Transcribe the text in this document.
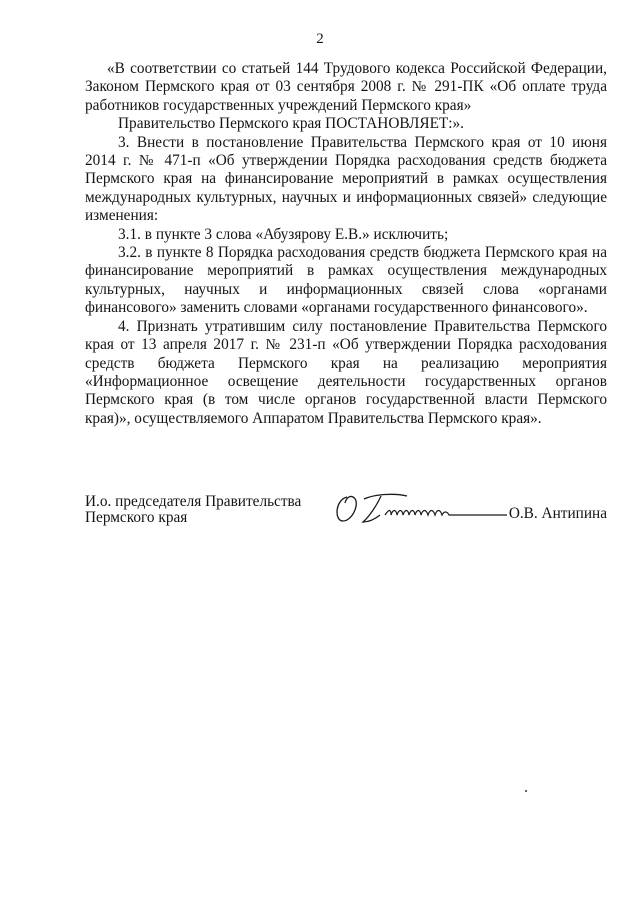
2

«В соответствии со статьей 144 Трудового кодекса Российской Федерации, Законом Пермского края от 03 сентября 2008 г. № 291-ПК «Об оплате труда работников государственных учреждений Пермского края»

Правительство Пермского края ПОСТАНОВЛЯЕТ:».

3. Внести в постановление Правительства Пермского края от 10 июня 2014 г. № 471-п «Об утверждении Порядка расходования средств бюджета Пермского края на финансирование мероприятий в рамках осуществления международных культурных, научных и информационных связей» следующие изменения:

3.1. в пункте 3 слова «Абузярову Е.В.» исключить;

3.2. в пункте 8 Порядка расходования средств бюджета Пермского края на финансирование мероприятий в рамках осуществления международных культурных, научных и информационных связей слова «органами финансового» заменить словами «органами государственного финансового».

4. Признать утратившим силу постановление Правительства Пермского края от 13 апреля 2017 г. № 231-п «Об утверждении Порядка расходования средств бюджета Пермского края на реализацию мероприятия «Информационное освещение деятельности государственных органов Пермского края (в том числе органов государственной власти Пермского края)», осуществляемого Аппаратом Правительства Пермского края».

И.о. председателя Правительства
Пермского края	О.В. Антипина
